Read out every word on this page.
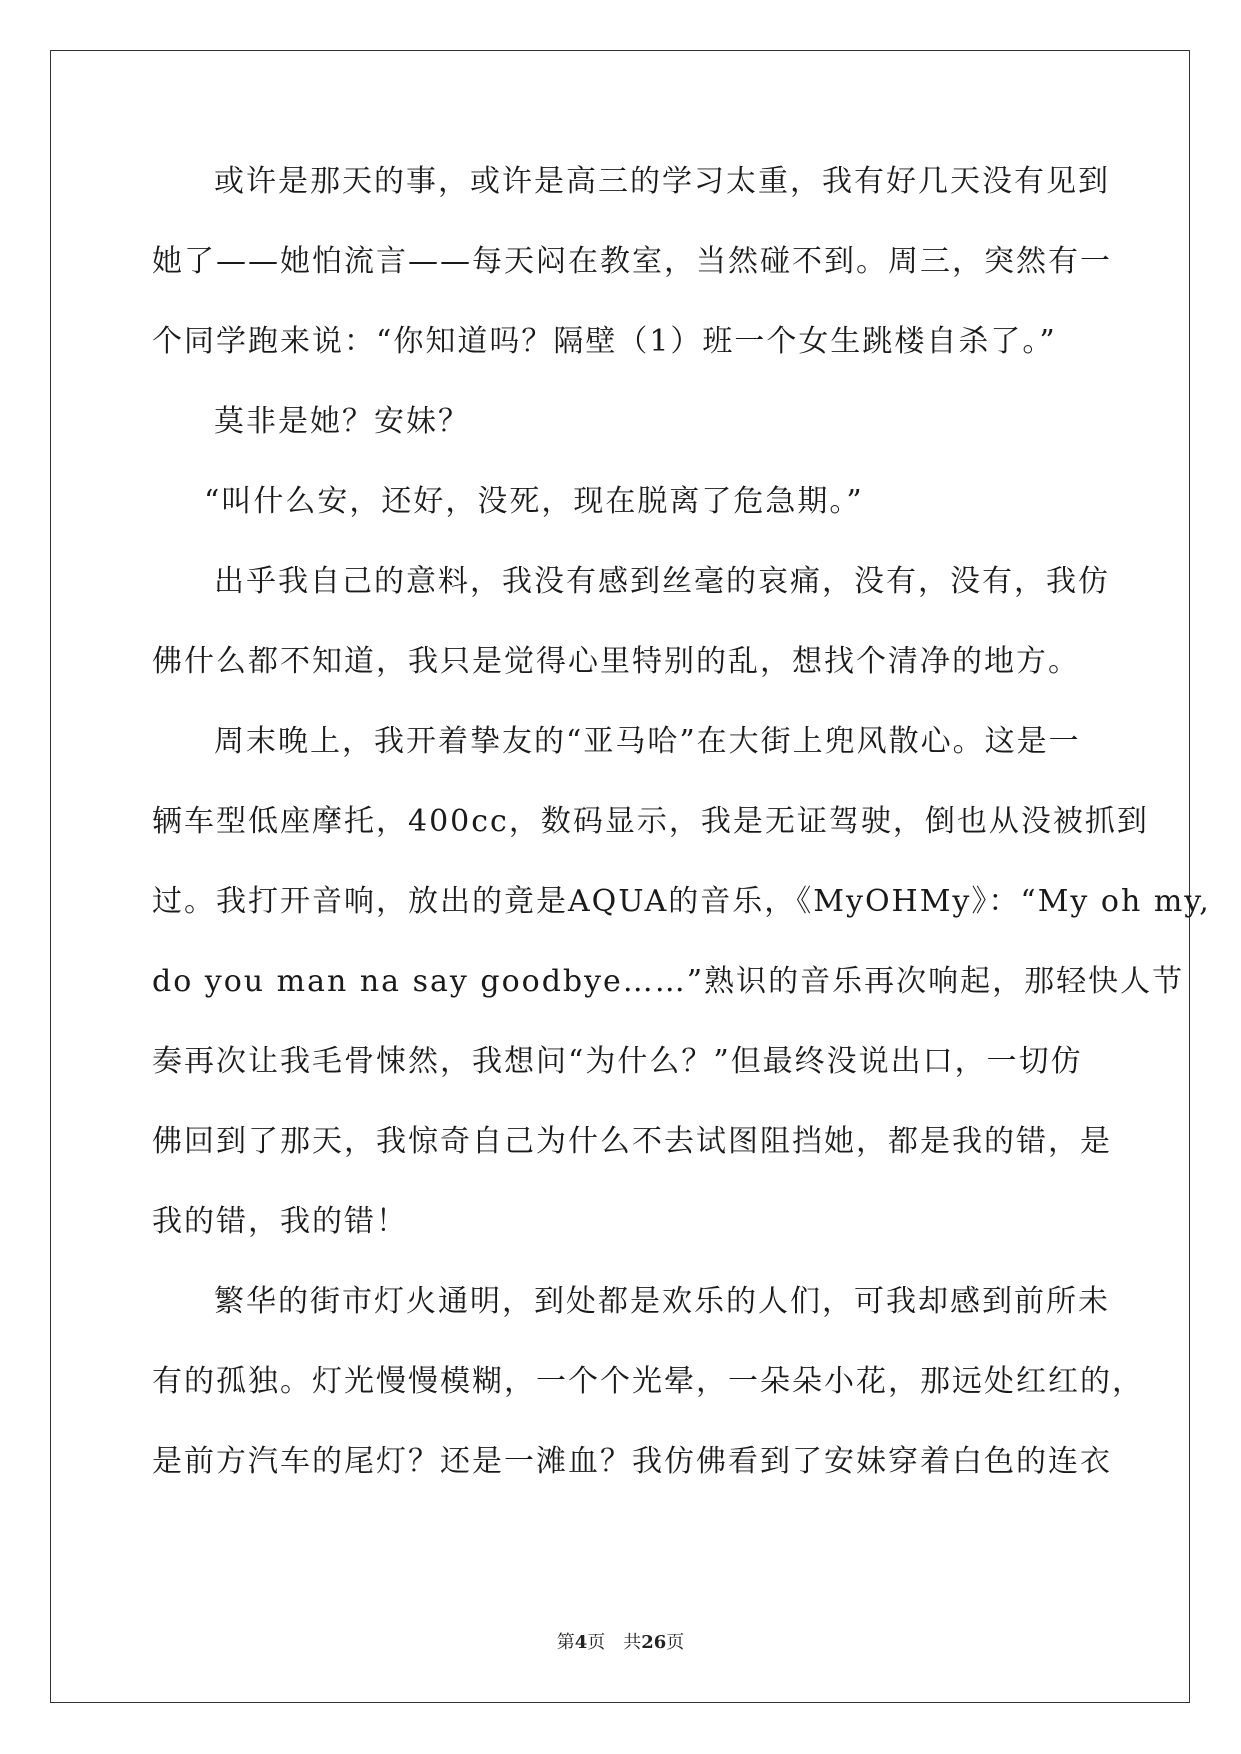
或许是那天的事，或许是高三的学习太重，我有好几天没有见到
她了——她怕流言——每天闷在教室，当然碰不到。周三，突然有一
个同学跑来说：“你知道吗？隔壁（1）班一个女生跳楼自杀了。”
莫非是她？安妹？
“叫什么安，还好，没死，现在脱离了危急期。”
出乎我自己的意料，我没有感到丝毫的哀痛，没有，没有，我仿
佛什么都不知道，我只是觉得心里特别的乱，想找个清净的地方。
周末晚上，我开着挚友的“亚马哈”在大街上兜风散心。这是一
辆车型低座摩托，400cc，数码显示，我是无证驾驶，倒也从没被抓到
过。我打开音响，放出的竟是AQUA的音乐，《MyOHMy》：“My oh my,
do you man na say goodbye……”熟识的音乐再次响起，那轻快人节
奏再次让我毛骨悚然，我想问“为什么？”但最终没说出口，一切仿
佛回到了那天，我惊奇自己为什么不去试图阻挡她，都是我的错，是
我的错，我的错！
繁华的街市灯火通明，到处都是欢乐的人们，可我却感到前所未
有的孤独。灯光慢慢模糊，一个个光晕，一朵朵小花，那远处红红的，
是前方汽车的尾灯？还是一滩血？我仿佛看到了安妹穿着白色的连衣
第4页　共26页
